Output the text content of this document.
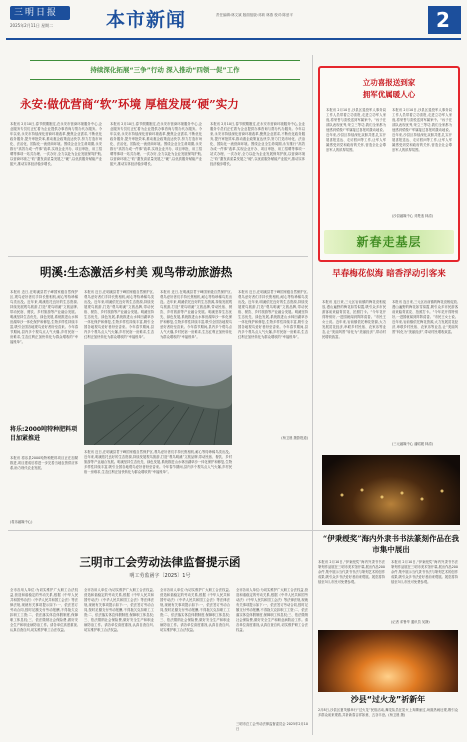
三明日报
2025年2月11日 星期二	本市新闻	责任编辑:林文斌 版面组版:邓莉 林燕 校对:陈爱平	2
持续深化拓展“三争”行动 深入推动“四领一促”工作
永安:做优营商“软”环境 厚植发展“硬”实力
本报讯 2月10日,春节假期刚过,在永安市营商环境服务中心,企业服务专员们正忙着为企业提供办事咨询与帮办代办服务。今年以来,永安市持续深化营商环境改革,聚焦企业需求,不断优化政务服务,提升审批效率,推动惠企政策直达快享,努力打造市场化、法治化、国际化一流营商环境。围绕企业全生命周期,永安推行“高效办成一件事”改革,实现企业开办、项目审批、用工招聘等事项一站式办理、一次办好,全力以赴为企业发展保驾护航,以营商环境之“软”激发高质量发展之“硬”,以优质服务赋能产业振兴,推动实体经济稳步增长。
本报讯 2月10日,春节假期刚过,在永安市营商环境服务中心,企业服务专员们正忙着为企业提供办事咨询与帮办代办服务。今年以来,永安市持续深化营商环境改革,聚焦企业需求,不断优化政务服务,提升审批效率,推动惠企政策直达快享,努力打造市场化、法治化、国际化一流营商环境。围绕企业全生命周期,永安推行“高效办成一件事”改革,实现企业开办、项目审批、用工招聘等事项一站式办理、一次办好,全力以赴为企业发展保驾护航,以营商环境之“软”激发高质量发展之“硬”,以优质服务赋能产业振兴,推动实体经济稳步增长。
本报讯 2月10日,春节假期刚过,在永安市营商环境服务中心,企业服务专员们正忙着为企业提供办事咨询与帮办代办服务。今年以来,永安市持续深化营商环境改革,聚焦企业需求,不断优化政务服务,提升审批效率,推动惠企政策直达快享,努力打造市场化、法治化、国际化一流营商环境。围绕企业全生命周期,永安推行“高效办成一件事”改革,实现企业开办、项目审批、用工招聘等事项一站式办理、一次办好,全力以赴为企业发展保驾护航,以营商环境之“软”激发高质量发展之“硬”,以优质服务赋能产业振兴,推动实体经济稳步增长。
明溪:生态激活乡村美 观鸟带动旅游热
本报讯 近日,在明溪县君子峰国家级自然保护区,观鸟爱好者们手持长焦相机,耐心等待珍稀鸟类出没。近年来,明溪依托良好的生态资源,持续发展观鸟旅游,打造“观鸟明溪”文旅品牌,带动民宿、餐饮、乡村旅游等产业融合发展。明溪坚持生态优先、绿色发展,系统推进山水林田湖草沙一体化保护和修复,生物多样性持续丰富,吸引全国各地观鸟爱好者纷至沓来。今年春节期间,县内多个观鸟点人气火爆,乡村民宿一房难求,生态红利正加快转化为群众增收的“幸福账单”。
本报讯 近日,在明溪县君子峰国家级自然保护区,观鸟爱好者们手持长焦相机,耐心等待珍稀鸟类出没。近年来,明溪依托良好的生态资源,持续发展观鸟旅游,打造“观鸟明溪”文旅品牌,带动民宿、餐饮、乡村旅游等产业融合发展。明溪坚持生态优先、绿色发展,系统推进山水林田湖草沙一体化保护和修复,生物多样性持续丰富,吸引全国各地观鸟爱好者纷至沓来。今年春节期间,县内多个观鸟点人气火爆,乡村民宿一房难求,生态红利正加快转化为群众增收的“幸福账单”。
本报讯 近日,在明溪县君子峰国家级自然保护区,观鸟爱好者们手持长焦相机,耐心等待珍稀鸟类出没。近年来,明溪依托良好的生态资源,持续发展观鸟旅游,打造“观鸟明溪”文旅品牌,带动民宿、餐饮、乡村旅游等产业融合发展。明溪坚持生态优先、绿色发展,系统推进山水林田湖草沙一体化保护和修复,生物多样性持续丰富,吸引全国各地观鸟爱好者纷至沓来。今年春节期间,县内多个观鸟点人气火爆,乡村民宿一房难求,生态红利正加快转化为群众增收的“幸福账单”。
本报讯 近日,在明溪县君子峰国家级自然保护区,观鸟爱好者们手持长焦相机,耐心等待珍稀鸟类出没。近年来,明溪依托良好的生态资源,持续发展观鸟旅游,打造“观鸟明溪”文旅品牌,带动民宿、餐饮、乡村旅游等产业融合发展。明溪坚持生态优先、绿色发展,系统推进山水林田湖草沙一体化保护和修复,生物多样性持续丰富,吸引全国各地观鸟爱好者纷至沓来。今年春节期间,县内多个观鸟点人气火爆,乡村民宿一房难求,生态红利正加快转化为群众增收的“幸福账单”。
(杨卫晨 摄影报道)
将乐:2000吨特种肥料项目加紧推进
本报讯 将乐县2000吨特种肥料项目正在加紧推进,项目建成后将进一步完善当地农资供应体系,助力现代农业发展。
(将乐融媒中心)
本报讯 近日,在明溪县君子峰国家级自然保护区,观鸟爱好者们手持长焦相机,耐心等待珍稀鸟类出没。近年来,明溪依托良好的生态资源,持续发展观鸟旅游,打造“观鸟明溪”文旅品牌,带动民宿、餐饮、乡村旅游等产业融合发展。明溪坚持生态优先、绿色发展,系统推进山水林田湖草沙一体化保护和修复,生物多样性持续丰富,吸引全国各地观鸟爱好者纷至沓来。今年春节期间,县内多个观鸟点人气火爆,乡村民宿一房难求,生态红利正加快转化为群众增收的“幸福账单”。
立功喜报送到家
拥军优属暖人心
本报讯 2月10日,沙县区退役军人事务局工作人员带着立功喜报,走进立功军人家庭,将荣誉与喜悦送到军属家中。“孩子在部队表现优秀,荣立三等功,我们全家都为他感到骄傲!”军属接过喜报时激动地说。近年来,沙县区持续深化双拥共建,扎实开展喜报送达、走访慰问等工作,让军人军属感受到党和政府的关怀,营造全社会尊崇军人的浓厚氛围。
本报讯 2月10日,沙县区退役军人事务局工作人员带着立功喜报,走进立功军人家庭,将荣誉与喜悦送到军属家中。“孩子在部队表现优秀,荣立三等功,我们全家都为他感到骄傲!”军属接过喜报时激动地说。近年来,沙县区持续深化双拥共建,扎实开展喜报送达、走访慰问等工作,让军人军属感受到党和政府的关怀,营造全社会尊崇军人的浓厚氛围。
(沙县融媒中心 邓楚逸 林清)
新春走基层
早春梅花似海 暗香浮动引客来
本报讯 连日来,三元区岩前镇的梅花竞相绽放,漫山遍野的梅花如雪似霞,吸引众多市民游客前来踏青赏花、拍照打卡。“今年花开得特别好,一进园就闻到阵阵清香。”市民王女士说。近年来,岩前镇依托梅花资源,大力发展赏花经济,串联乡村民宿、农家乐等业态,让“美丽风景”转化为“美丽经济”,带动村民增收致富。
本报讯 连日来,三元区岩前镇的梅花竞相绽放,漫山遍野的梅花如雪似霞,吸引众多市民游客前来踏青赏花、拍照打卡。“今年花开得特别好,一进园就闻到阵阵清香。”市民王女士说。近年来,岩前镇依托梅花资源,大力发展赏花经济,串联乡村民宿、农家乐等业态,让“美丽风景”转化为“美丽经济”,带动村民增收致富。
(三元融媒中心 潘昭媛 林清)
“伊秉绶奖”海内外隶书书法篆刻作品在我市集中展出
本报讯 2月10日,“伊秉绶奖”海内外隶书书法篆刻作品展在三明市美术馆开幕,展出作品200余件,集中展示当代隶书书法与篆刻艺术的创作成果,吸引众多书法爱好者前来观展。展览将持续至3月,市民可免费参观。
本报讯 2月10日,“伊秉绶奖”海内外隶书书法篆刻作品展在三明市美术馆开幕,展出作品200余件,集中展示当代隶书书法与篆刻艺术的创作成果,吸引众多书法爱好者前来观展。展览将持续至3月,市民可免费参观。
(记者 邓鲁华 通讯员 吴静)
三明市工会劳动法律监督提示函
明工劳监函字〔2025〕1号
全市各用人单位:为切实维护广大职工合法权益,营造和谐稳定的劳动关系,根据《中华人民共和国劳动法》《中华人民共和国工会法》等法律法规,现就有关事项提示如下:一、依法签订劳动合同,按时足额支付劳动报酬,不得拖欠克扣职工工资;二、依法落实休息休假制度,保障职工休息权;三、依法缴纳社会保险费,做好安全生产和职业病防治工作。请各单位高度重视,认真自查自纠,切实维护职工合法权益。
全市各用人单位:为切实维护广大职工合法权益,营造和谐稳定的劳动关系,根据《中华人民共和国劳动法》《中华人民共和国工会法》等法律法规,现就有关事项提示如下:一、依法签订劳动合同,按时足额支付劳动报酬,不得拖欠克扣职工工资;二、依法落实休息休假制度,保障职工休息权;三、依法缴纳社会保险费,做好安全生产和职业病防治工作。请各单位高度重视,认真自查自纠,切实维护职工合法权益。
全市各用人单位:为切实维护广大职工合法权益,营造和谐稳定的劳动关系,根据《中华人民共和国劳动法》《中华人民共和国工会法》等法律法规,现就有关事项提示如下:一、依法签订劳动合同,按时足额支付劳动报酬,不得拖欠克扣职工工资;二、依法落实休息休假制度,保障职工休息权;三、依法缴纳社会保险费,做好安全生产和职业病防治工作。请各单位高度重视,认真自查自纠,切实维护职工合法权益。
全市各用人单位:为切实维护广大职工合法权益,营造和谐稳定的劳动关系,根据《中华人民共和国劳动法》《中华人民共和国工会法》等法律法规,现就有关事项提示如下:一、依法签订劳动合同,按时足额支付劳动报酬,不得拖欠克扣职工工资;二、依法落实休息休假制度,保障职工休息权;三、依法缴纳社会保险费,做好安全生产和职业病防治工作。请各单位高度重视,认真自查自纠,切实维护职工合法权益。
三明市总工会劳动法律监督委员会 2025年2月10日
沙县“过火龙”祈新年
2月8日,沙县区夏茂镇举行“过火龙”民俗活动,舞龙队员在炭火上奔腾而过,场面热闹壮观,吸引众多群众前来观看,共祈新春吉祥如意、五谷丰登。(杨卫晨 摄)
